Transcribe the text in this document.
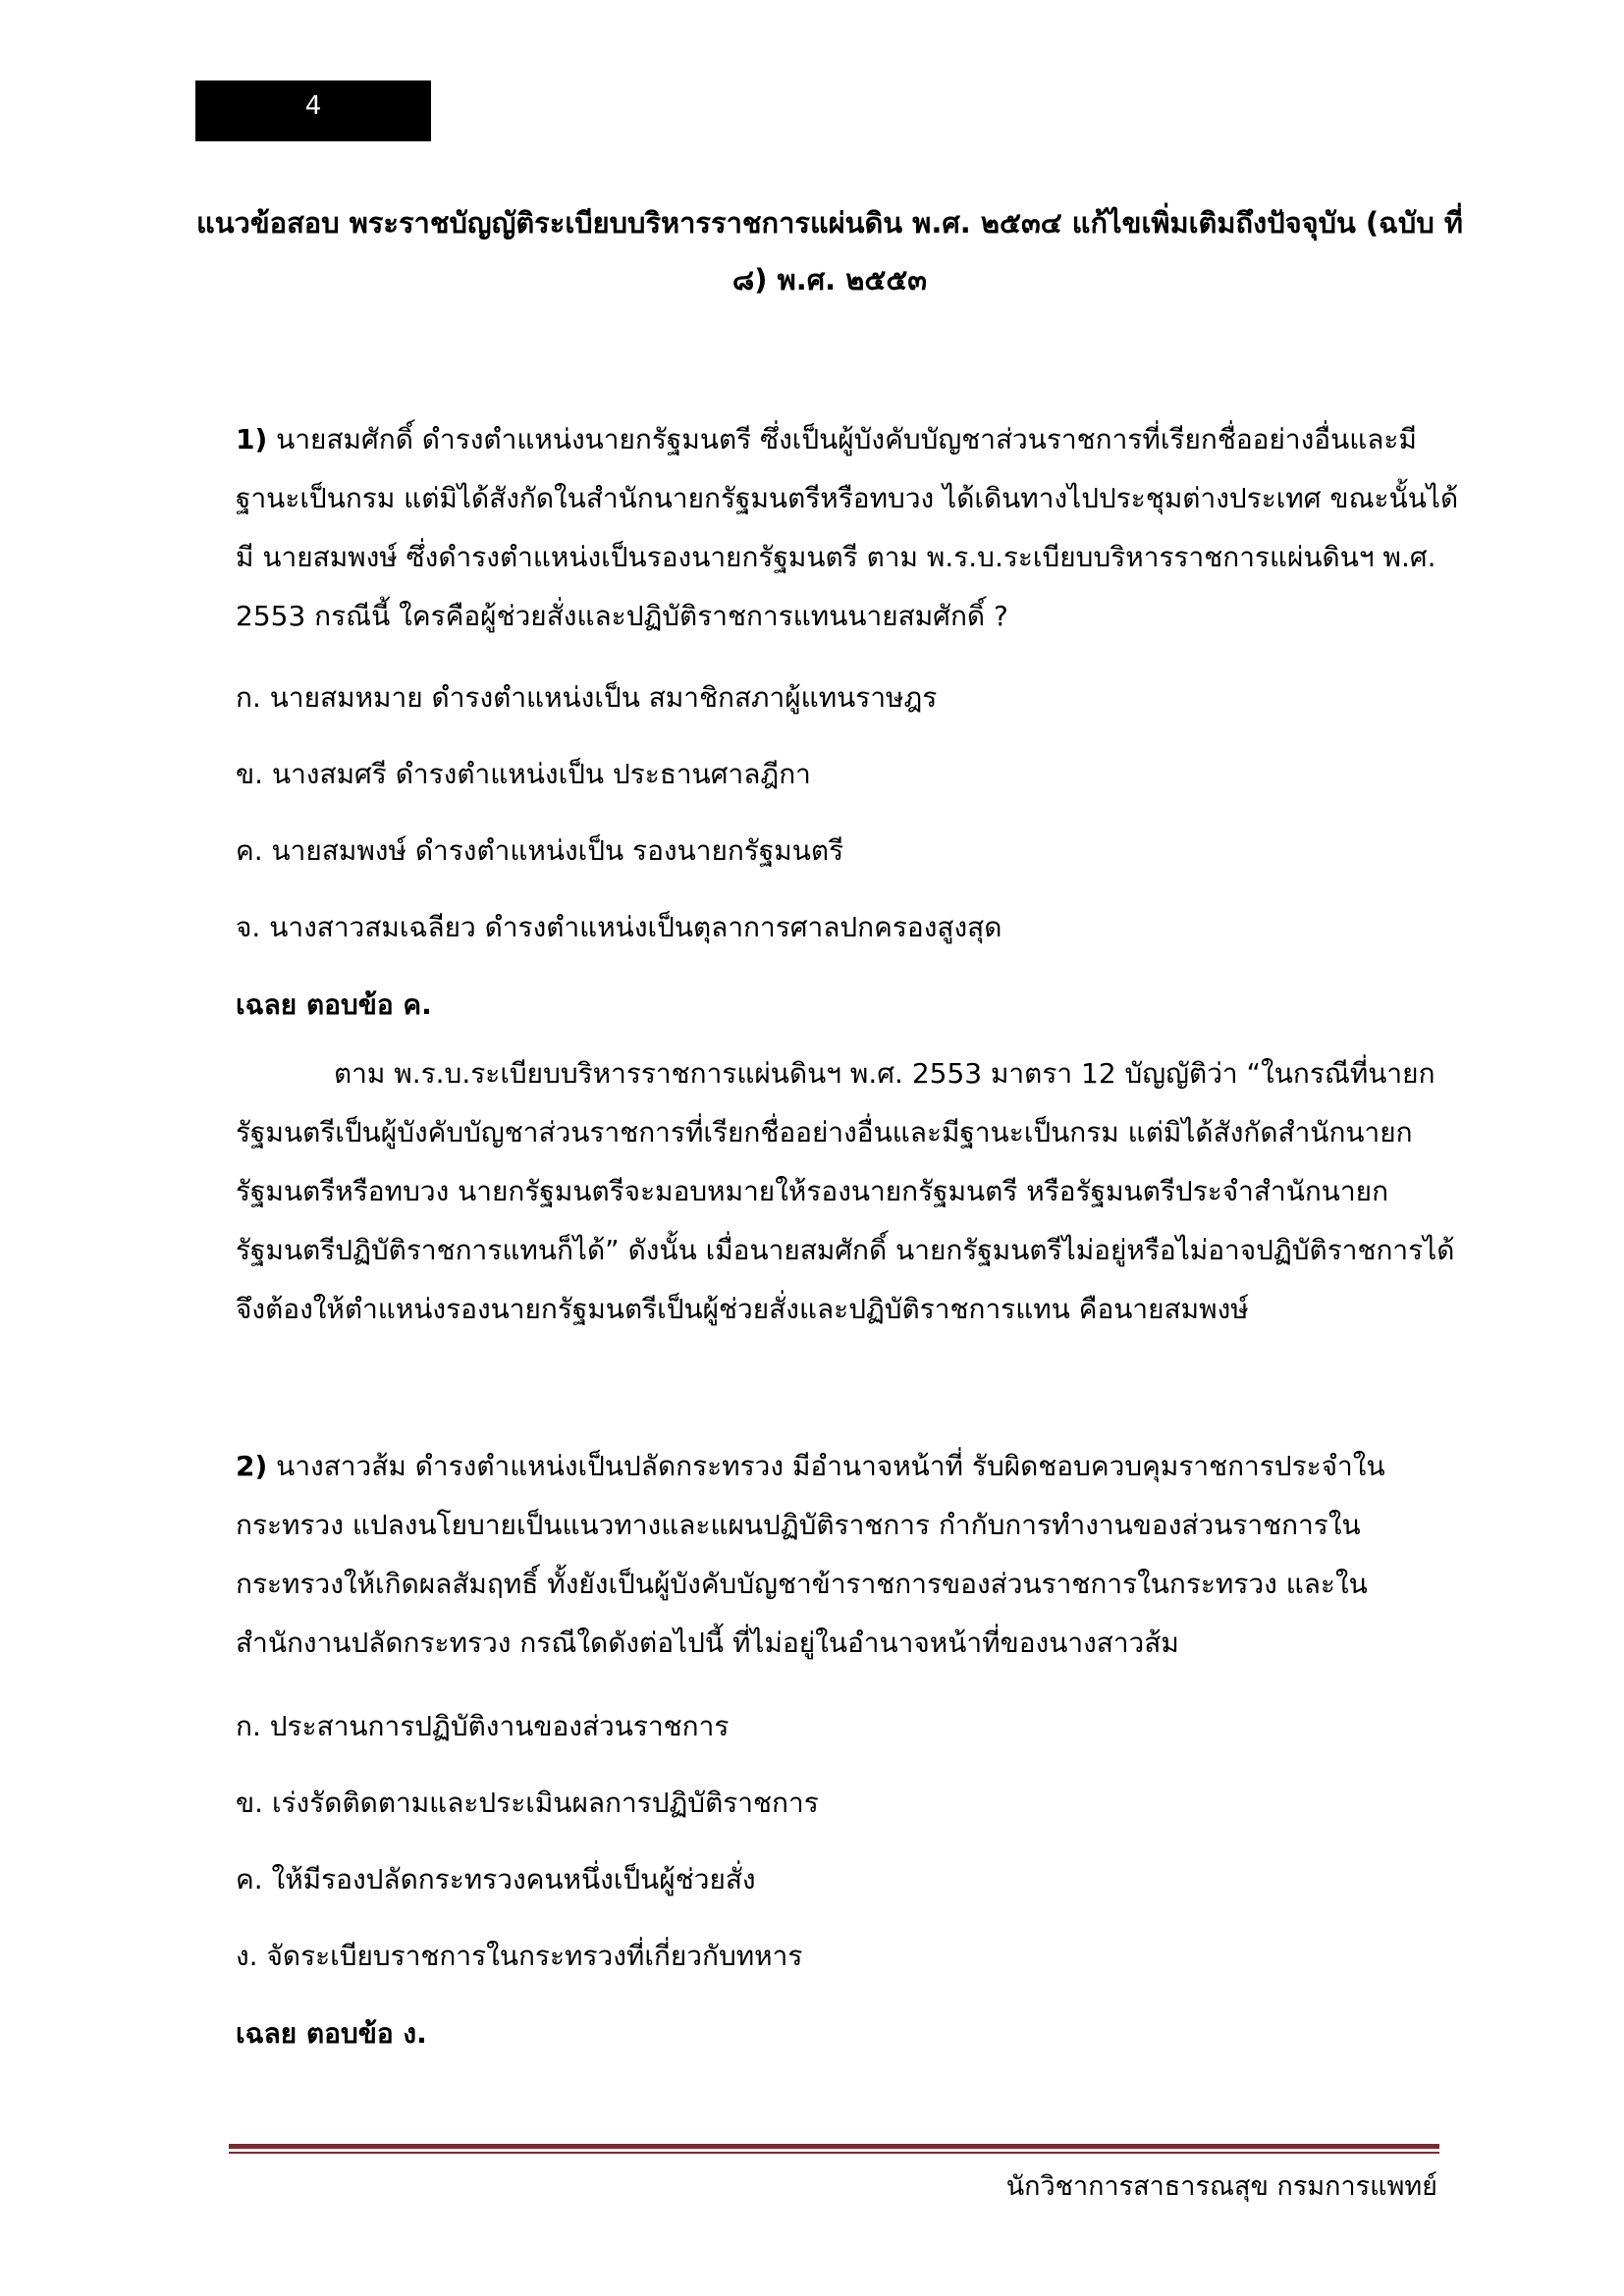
4
แนวข้อสอบ พระราชบัญญัติระเบียบบริหารราชการแผ่นดิน พ.ศ. ๒๕๓๔ แก้ไขเพิ่มเติมถึงปัจจุบัน (ฉบับ ที่ ๘) พ.ศ. ๒๕๕๓

1) นายสมศักดิ์ ดำรงตำแหน่งนายกรัฐมนตรี ซึ่งเป็นผู้บังคับบัญชาส่วนราชการที่เรียกชื่ออย่างอื่นและมีฐานะเป็นกรม แต่มิได้สังกัดในสำนักนายกรัฐมนตรีหรือทบวง ได้เดินทางไปประชุมต่างประเทศ ขณะนั้นได้มี นายสมพงษ์ ซึ่งดำรงตำแหน่งเป็นรองนายกรัฐมนตรี ตาม พ.ร.บ.ระเบียบบริหารราชการแผ่นดินฯ พ.ศ. 2553 กรณีนี้ ใครคือผู้ช่วยสั่งและปฏิบัติราชการแทนนายสมศักดิ์ ?

ก. นายสมหมาย ดำรงตำแหน่งเป็น สมาชิกสภาผู้แทนราษฎร

ข. นางสมศรี ดำรงตำแหน่งเป็น ประธานศาลฎีกา

ค. นายสมพงษ์ ดำรงตำแหน่งเป็น รองนายกรัฐมนตรี

จ. นางสาวสมเฉลียว ดำรงตำแหน่งเป็นตุลาการศาลปกครองสูงสุด

เฉลย ตอบข้อ ค.

ตาม พ.ร.บ.ระเบียบบริหารราชการแผ่นดินฯ พ.ศ. 2553 มาตรา 12 บัญญัติว่า “ในกรณีที่นายกรัฐมนตรีเป็นผู้บังคับบัญชาส่วนราชการที่เรียกชื่ออย่างอื่นและมีฐานะเป็นกรม แต่มิได้สังกัดสำนักนายกรัฐมนตรีหรือทบวง นายกรัฐมนตรีจะมอบหมายให้รองนายกรัฐมนตรี หรือรัฐมนตรีประจำสำนักนายกรัฐมนตรีปฏิบัติราชการแทนก็ได้” ดังนั้น เมื่อนายสมศักดิ์ นายกรัฐมนตรีไม่อยู่หรือไม่อาจปฏิบัติราชการได้ จึงต้องให้ตำแหน่งรองนายกรัฐมนตรีเป็นผู้ช่วยสั่งและปฏิบัติราชการแทน คือนายสมพงษ์

2) นางสาวส้ม ดำรงตำแหน่งเป็นปลัดกระทรวง มีอำนาจหน้าที่ รับผิดชอบควบคุมราชการประจำในกระทรวง แปลงนโยบายเป็นแนวทางและแผนปฏิบัติราชการ กำกับการทำงานของส่วนราชการในกระทรวงให้เกิดผลสัมฤทธิ์ ทั้งยังเป็นผู้บังคับบัญชาข้าราชการของส่วนราชการในกระทรวง และในสำนักงานปลัดกระทรวง กรณีใดดังต่อไปนี้ ที่ไม่อยู่ในอำนาจหน้าที่ของนางสาวส้ม

ก. ประสานการปฏิบัติงานของส่วนราชการ

ข. เร่งรัดติดตามและประเมินผลการปฏิบัติราชการ

ค. ให้มีรองปลัดกระทรวงคนหนึ่งเป็นผู้ช่วยสั่ง

ง. จัดระเบียบราชการในกระทรวงที่เกี่ยวกับทหาร

เฉลย ตอบข้อ ง.

นักวิชาการสาธารณสุข กรมการแพทย์
